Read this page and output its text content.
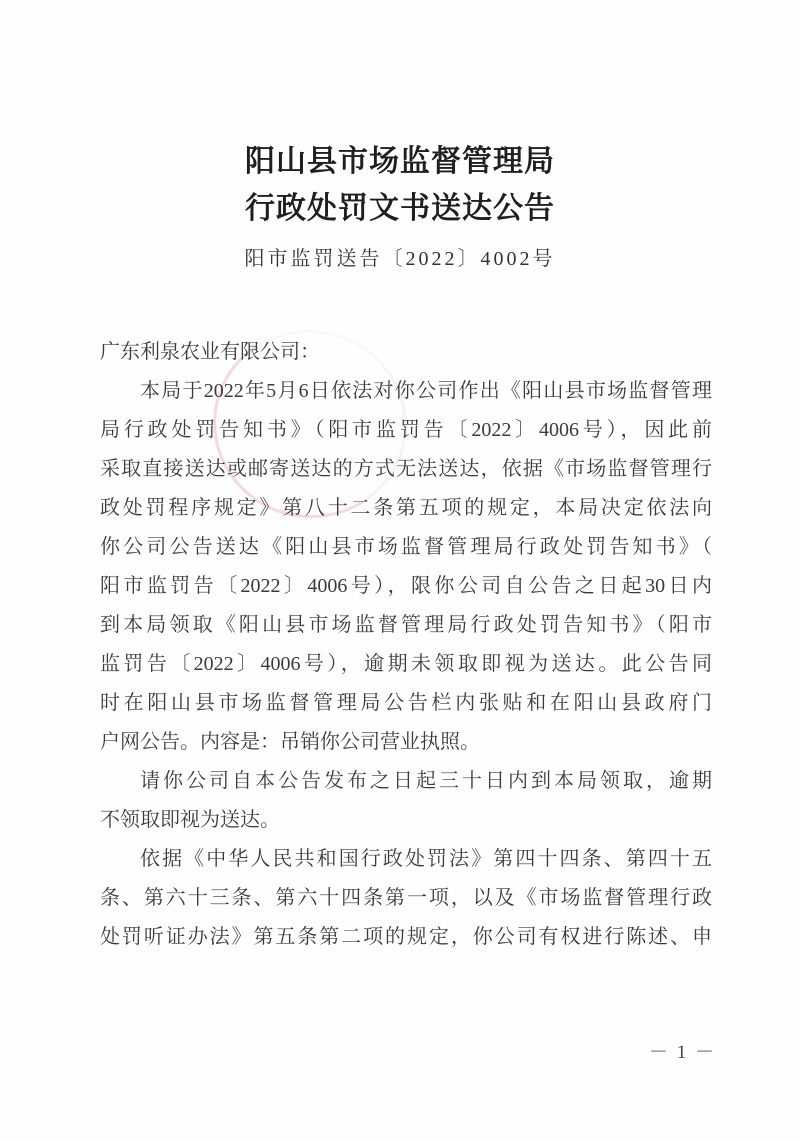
阳山县市场监督管理局
行政处罚文书送达公告
阳市监罚送告〔2022〕4002号
广东利泉农业有限公司：
本局于2022年5月6日依法对你公司作出《阳山县市场监督管理
局行政处罚告知书》（阳市监罚告〔2022〕4006号），因此前
采取直接送达或邮寄送达的方式无法送达，依据《市场监督管理行
政处罚程序规定》第八十二条第五项的规定，本局决定依法向
你公司公告送达《阳山县市场监督管理局行政处罚告知书》（
阳市监罚告〔2022〕4006号），限你公司自公告之日起30日内
到本局领取《阳山县市场监督管理局行政处罚告知书》（阳市
监罚告〔2022〕4006号），逾期未领取即视为送达。此公告同
时在阳山县市场监督管理局公告栏内张贴和在阳山县政府门
户网公告。内容是：吊销你公司营业执照。
请你公司自本公告发布之日起三十日内到本局领取，逾期
不领取即视为送达。
依据《中华人民共和国行政处罚法》第四十四条、第四十五
条、第六十三条、第六十四条第一项，以及《市场监督管理行政
处罚听证办法》第五条第二项的规定，你公司有权进行陈述、申
－ 1 －
